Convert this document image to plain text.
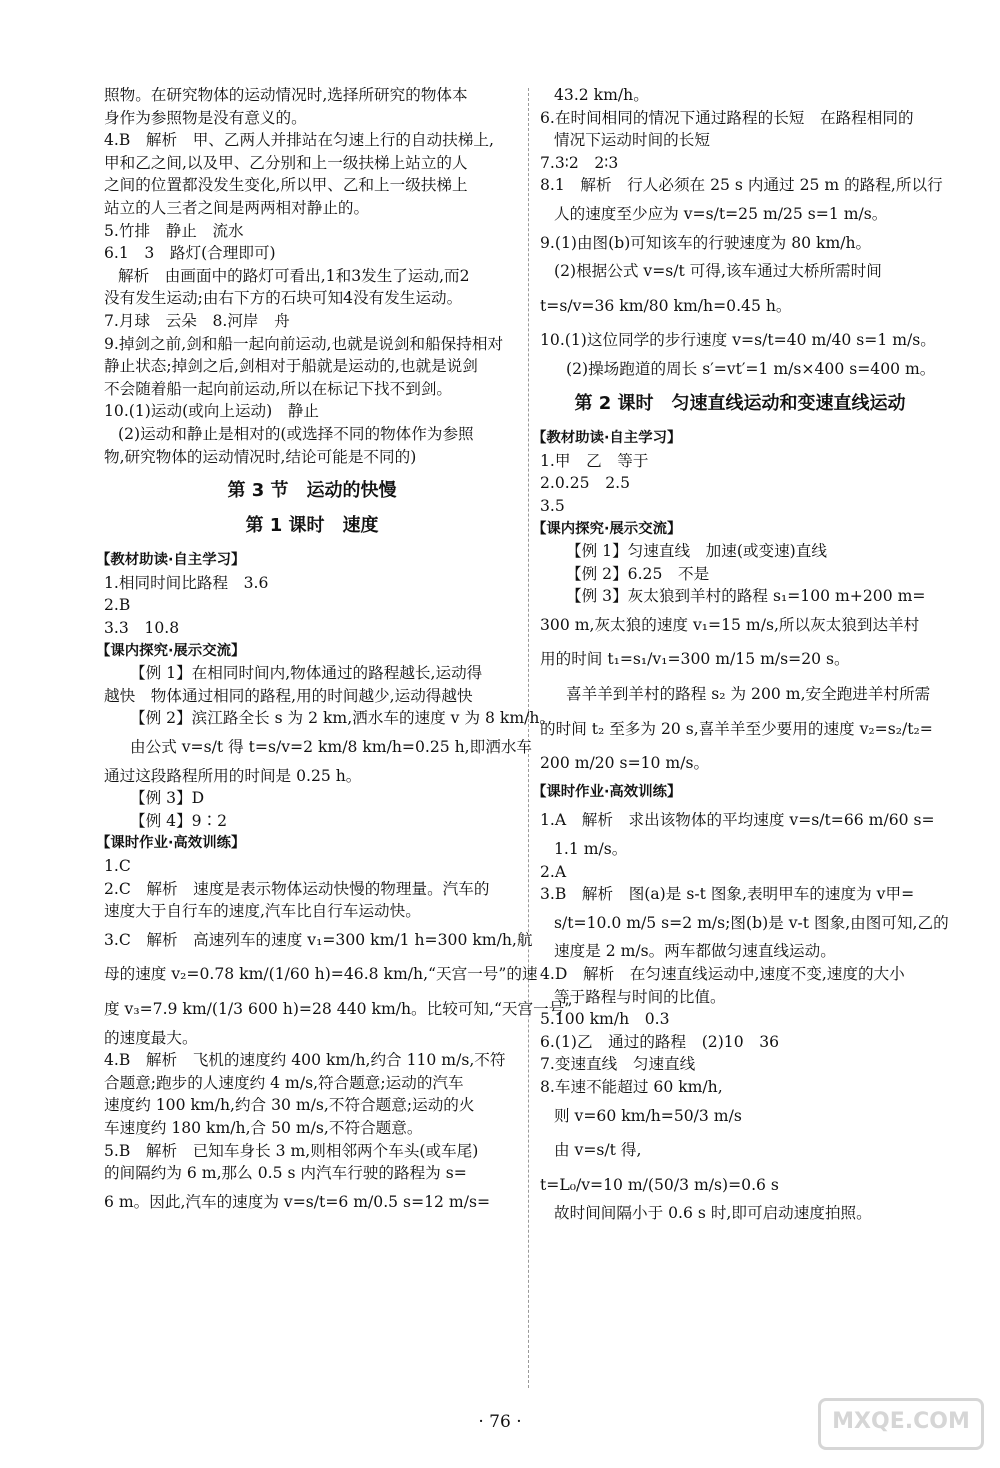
照物。在研究物体的运动情况时,选择所研究的物体本
身作为参照物是没有意义的。
4.B　解析　甲、乙两人并排站在匀速上行的自动扶梯上,
甲和乙之间,以及甲、乙分别和上一级扶梯上站立的人
之间的位置都没发生变化,所以甲、乙和上一级扶梯上
站立的人三者之间是两两相对静止的。
5.竹排　静止　流水
6.1　3　路灯(合理即可)
解析　由画面中的路灯可看出,1和3发生了运动,而2
没有发生运动;由右下方的石块可知4没有发生运动。
7.月球　云朵　8.河岸　舟
9.掉剑之前,剑和船一起向前运动,也就是说剑和船保持相对
静止状态;掉剑之后,剑相对于船就是运动的,也就是说剑
不会随着船一起向前运动,所以在标记下找不到剑。
10.(1)运动(或向上运动)　静止
(2)运动和静止是相对的(或选择不同的物体作为参照
物,研究物体的运动情况时,结论可能是不同的)
第 3 节　运动的快慢
第 1 课时　速度
【教材助读·自主学习】
1.相同时间比路程　3.6
2.B
3.3　10.8
【课内探究·展示交流】
【例 1】在相同时间内,物体通过的路程越长,运动得
越快　物体通过相同的路程,用的时间越少,运动得越快
【例 2】滨江路全长 s 为 2 km,洒水车的速度 v 为 8 km/h。
由公式 v=s/t 得 t=s/v=2 km/8 km/h=0.25 h,即洒水车
通过这段路程所用的时间是 0.25 h。
【例 3】D
【例 4】9∶2
【课时作业·高效训练】
1.C
2.C　解析　速度是表示物体运动快慢的物理量。汽车的
速度大于自行车的速度,汽车比自行车运动快。
3.C　解析　高速列车的速度 v₁=300 km/1 h=300 km/h,航
母的速度 v₂=0.78 km/(1/60 h)=46.8 km/h,“天宫一号”的速
度 v₃=7.9 km/(1/3 600 h)=28 440 km/h。比较可知,“天宫一号”
的速度最大。
4.B　解析　飞机的速度约 400 km/h,约合 110 m/s,不符
合题意;跑步的人速度约 4 m/s,符合题意;运动的汽车
速度约 100 km/h,约合 30 m/s,不符合题意;运动的火
车速度约 180 km/h,合 50 m/s,不符合题意。
5.B　解析　已知车身长 3 m,则相邻两个车头(或车尾)
的间隔约为 6 m,那么 0.5 s 内汽车行驶的路程为 s=
6 m。因此,汽车的速度为 v=s/t=6 m/0.5 s=12 m/s=
43.2 km/h。
6.在时间相同的情况下通过路程的长短　在路程相同的
情况下运动时间的长短
7.3∶2　2∶3
8.1　解析　行人必须在 25 s 内通过 25 m 的路程,所以行
人的速度至少应为 v=s/t=25 m/25 s=1 m/s。
9.(1)由图(b)可知该车的行驶速度为 80 km/h。
(2)根据公式 v=s/t 可得,该车通过大桥所需时间
t=s/v=36 km/80 km/h=0.45 h。
10.(1)这位同学的步行速度 v=s/t=40 m/40 s=1 m/s。
(2)操场跑道的周长 s′=vt′=1 m/s×400 s=400 m。
第 2 课时　匀速直线运动和变速直线运动
【教材助读·自主学习】
1.甲　乙　等于
2.0.25　2.5
3.5
【课内探究·展示交流】
【例 1】匀速直线　加速(或变速)直线
【例 2】6.25　不是
【例 3】灰太狼到羊村的路程 s₁=100 m+200 m=
300 m,灰太狼的速度 v₁=15 m/s,所以灰太狼到达羊村
用的时间 t₁=s₁/v₁=300 m/15 m/s=20 s。
喜羊羊到羊村的路程 s₂ 为 200 m,安全跑进羊村所需
的时间 t₂ 至多为 20 s,喜羊羊至少要用的速度 v₂=s₂/t₂=
200 m/20 s=10 m/s。
【课时作业·高效训练】
1.A　解析　求出该物体的平均速度 v=s/t=66 m/60 s=
1.1 m/s。
2.A
3.B　解析　图(a)是 s-t 图象,表明甲车的速度为 v甲=
s/t=10.0 m/5 s=2 m/s;图(b)是 v-t 图象,由图可知,乙的
速度是 2 m/s。两车都做匀速直线运动。
4.D　解析　在匀速直线运动中,速度不变,速度的大小
等于路程与时间的比值。
5.100 km/h　0.3
6.(1)乙　通过的路程　(2)10　36
7.变速直线　匀速直线
8.车速不能超过 60 km/h,
则 v=60 km/h=50/3 m/s
由 v=s/t 得,
t=L₀/v=10 m/(50/3 m/s)=0.6 s
故时间间隔小于 0.6 s 时,即可启动速度拍照。
· 76 ·	MXQE.COM
